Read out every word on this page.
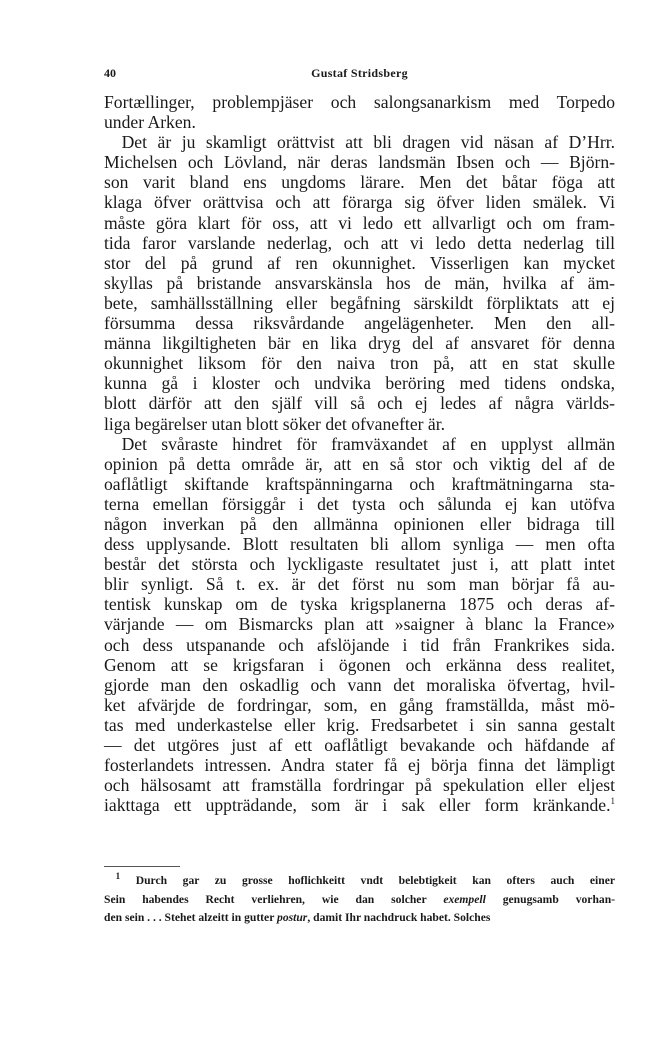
40	Gustaf Stridsberg
Fortællinger, problempjäser och salongsanarkism med Torpedo
under Arken.
 Det är ju skamligt orättvist att bli dragen vid näsan af D’Hrr.
Michelsen och Lövland, när deras landsmän Ibsen och — Björn-
son varit bland ens ungdoms lärare. Men det båtar föga att
klaga öfver orättvisa och att förarga sig öfver liden smälek. Vi
måste göra klart för oss, att vi ledo ett allvarligt och om fram-
tida faror varslande nederlag, och att vi ledo detta nederlag till
stor del på grund af ren okunnighet. Visserligen kan mycket
skyllas på bristande ansvarskänsla hos de män, hvilka af äm-
bete, samhällsställning eller begåfning särskildt förpliktats att ej
försumma dessa riksvårdande angelägenheter. Men den all-
männa likgiltigheten bär en lika dryg del af ansvaret för denna
okunnighet liksom för den naiva tron på, att en stat skulle
kunna gå i kloster och undvika beröring med tidens ondska,
blott därför att den själf vill så och ej ledes af några världs-
liga begärelser utan blott söker det ofvanefter är.
 Det svåraste hindret för framväxandet af en upplyst allmän
opinion på detta område är, att en så stor och viktig del af de
oaflåtligt skiftande kraftspänningarna och kraftmätningarna sta-
terna emellan försiggår i det tysta och sålunda ej kan utöfva
någon inverkan på den allmänna opinionen eller bidraga till
dess upplysande. Blott resultaten bli allom synliga — men ofta
består det största och lyckligaste resultatet just i, att platt intet
blir synligt. Så t. ex. är det först nu som man börjar få au-
tentisk kunskap om de tyska krigsplanerna 1875 och deras af-
värjande — om Bismarcks plan att »saigner à blanc la France»
och dess utspanande och afslöjande i tid från Frankrikes sida.
Genom att se krigsfaran i ögonen och erkänna dess realitet,
gjorde man den oskadlig och vann det moraliska öfvertag, hvil-
ket afvärjde de fordringar, som, en gång framställda, måst mö-
tas med underkastelse eller krig. Fredsarbetet i sin sanna gestalt
— det utgöres just af ett oaflåtligt bevakande och häfdande af
fosterlandets intressen. Andra stater få ej börja finna det lämpligt
och hälsosamt att framställa fordringar på spekulation eller eljest
iakttaga ett uppträdande, som är i sak eller form kränkande.$^1$
 $^1$ Durch gar zu grosse hoflichkeitt vndt belebtigkeit kan ofters auch einer
Sein habendes Recht verliehren, wie dan solcher exempell genugsamb vorhan-
den sein . . . Stehet alzeitt in gutter postur, damit Ihr nachdruck habet. Solches
